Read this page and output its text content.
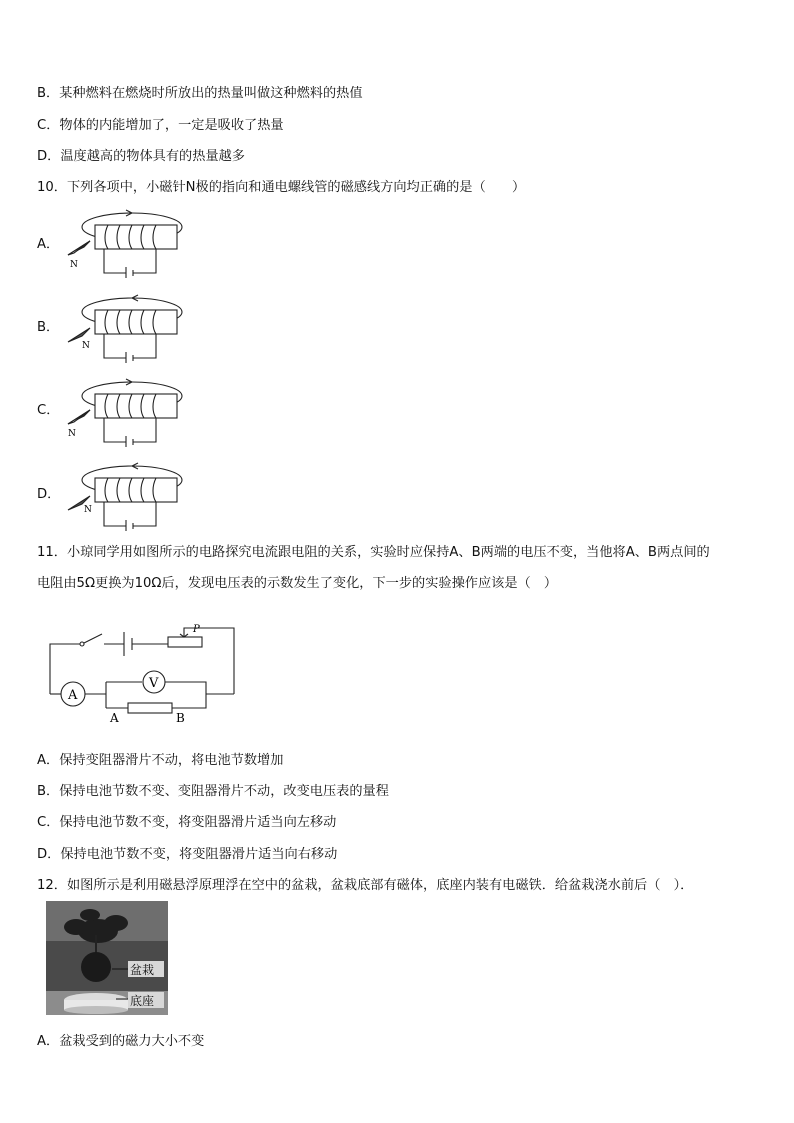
B．某种燃料在燃烧时所放出的热量叫做这种燃料的热值
C．物体的内能增加了，一定是吸收了热量
D．温度越高的物体具有的热量越多
10．下列各项中，小磁针N极的指向和通电螺线管的磁感线方向均正确的是（　　）
A．
B．
C．
D．
N
N
N
N
11．小琼同学用如图所示的电路探究电流跟电阻的关系，实验时应保持A、B两端的电压不变，当他将A、B两点间的
电阻由5Ω更换为10Ω后，发现电压表的示数发生了变化，下一步的实验操作应该是（　）
A
V
P
A	B
A．保持变阻器滑片不动，将电池节数增加
B．保持电池节数不变、变阻器滑片不动，改变电压表的量程
C．保持电池节数不变，将变阻器滑片适当向左移动
D．保持电池节数不变，将变阻器滑片适当向右移动
12．如图所示是利用磁悬浮原理浮在空中的盆栽，盆栽底部有磁体，底座内装有电磁铁．给盆栽浇水前后（　）．
盆栽
底座
A．盆栽受到的磁力大小不变
